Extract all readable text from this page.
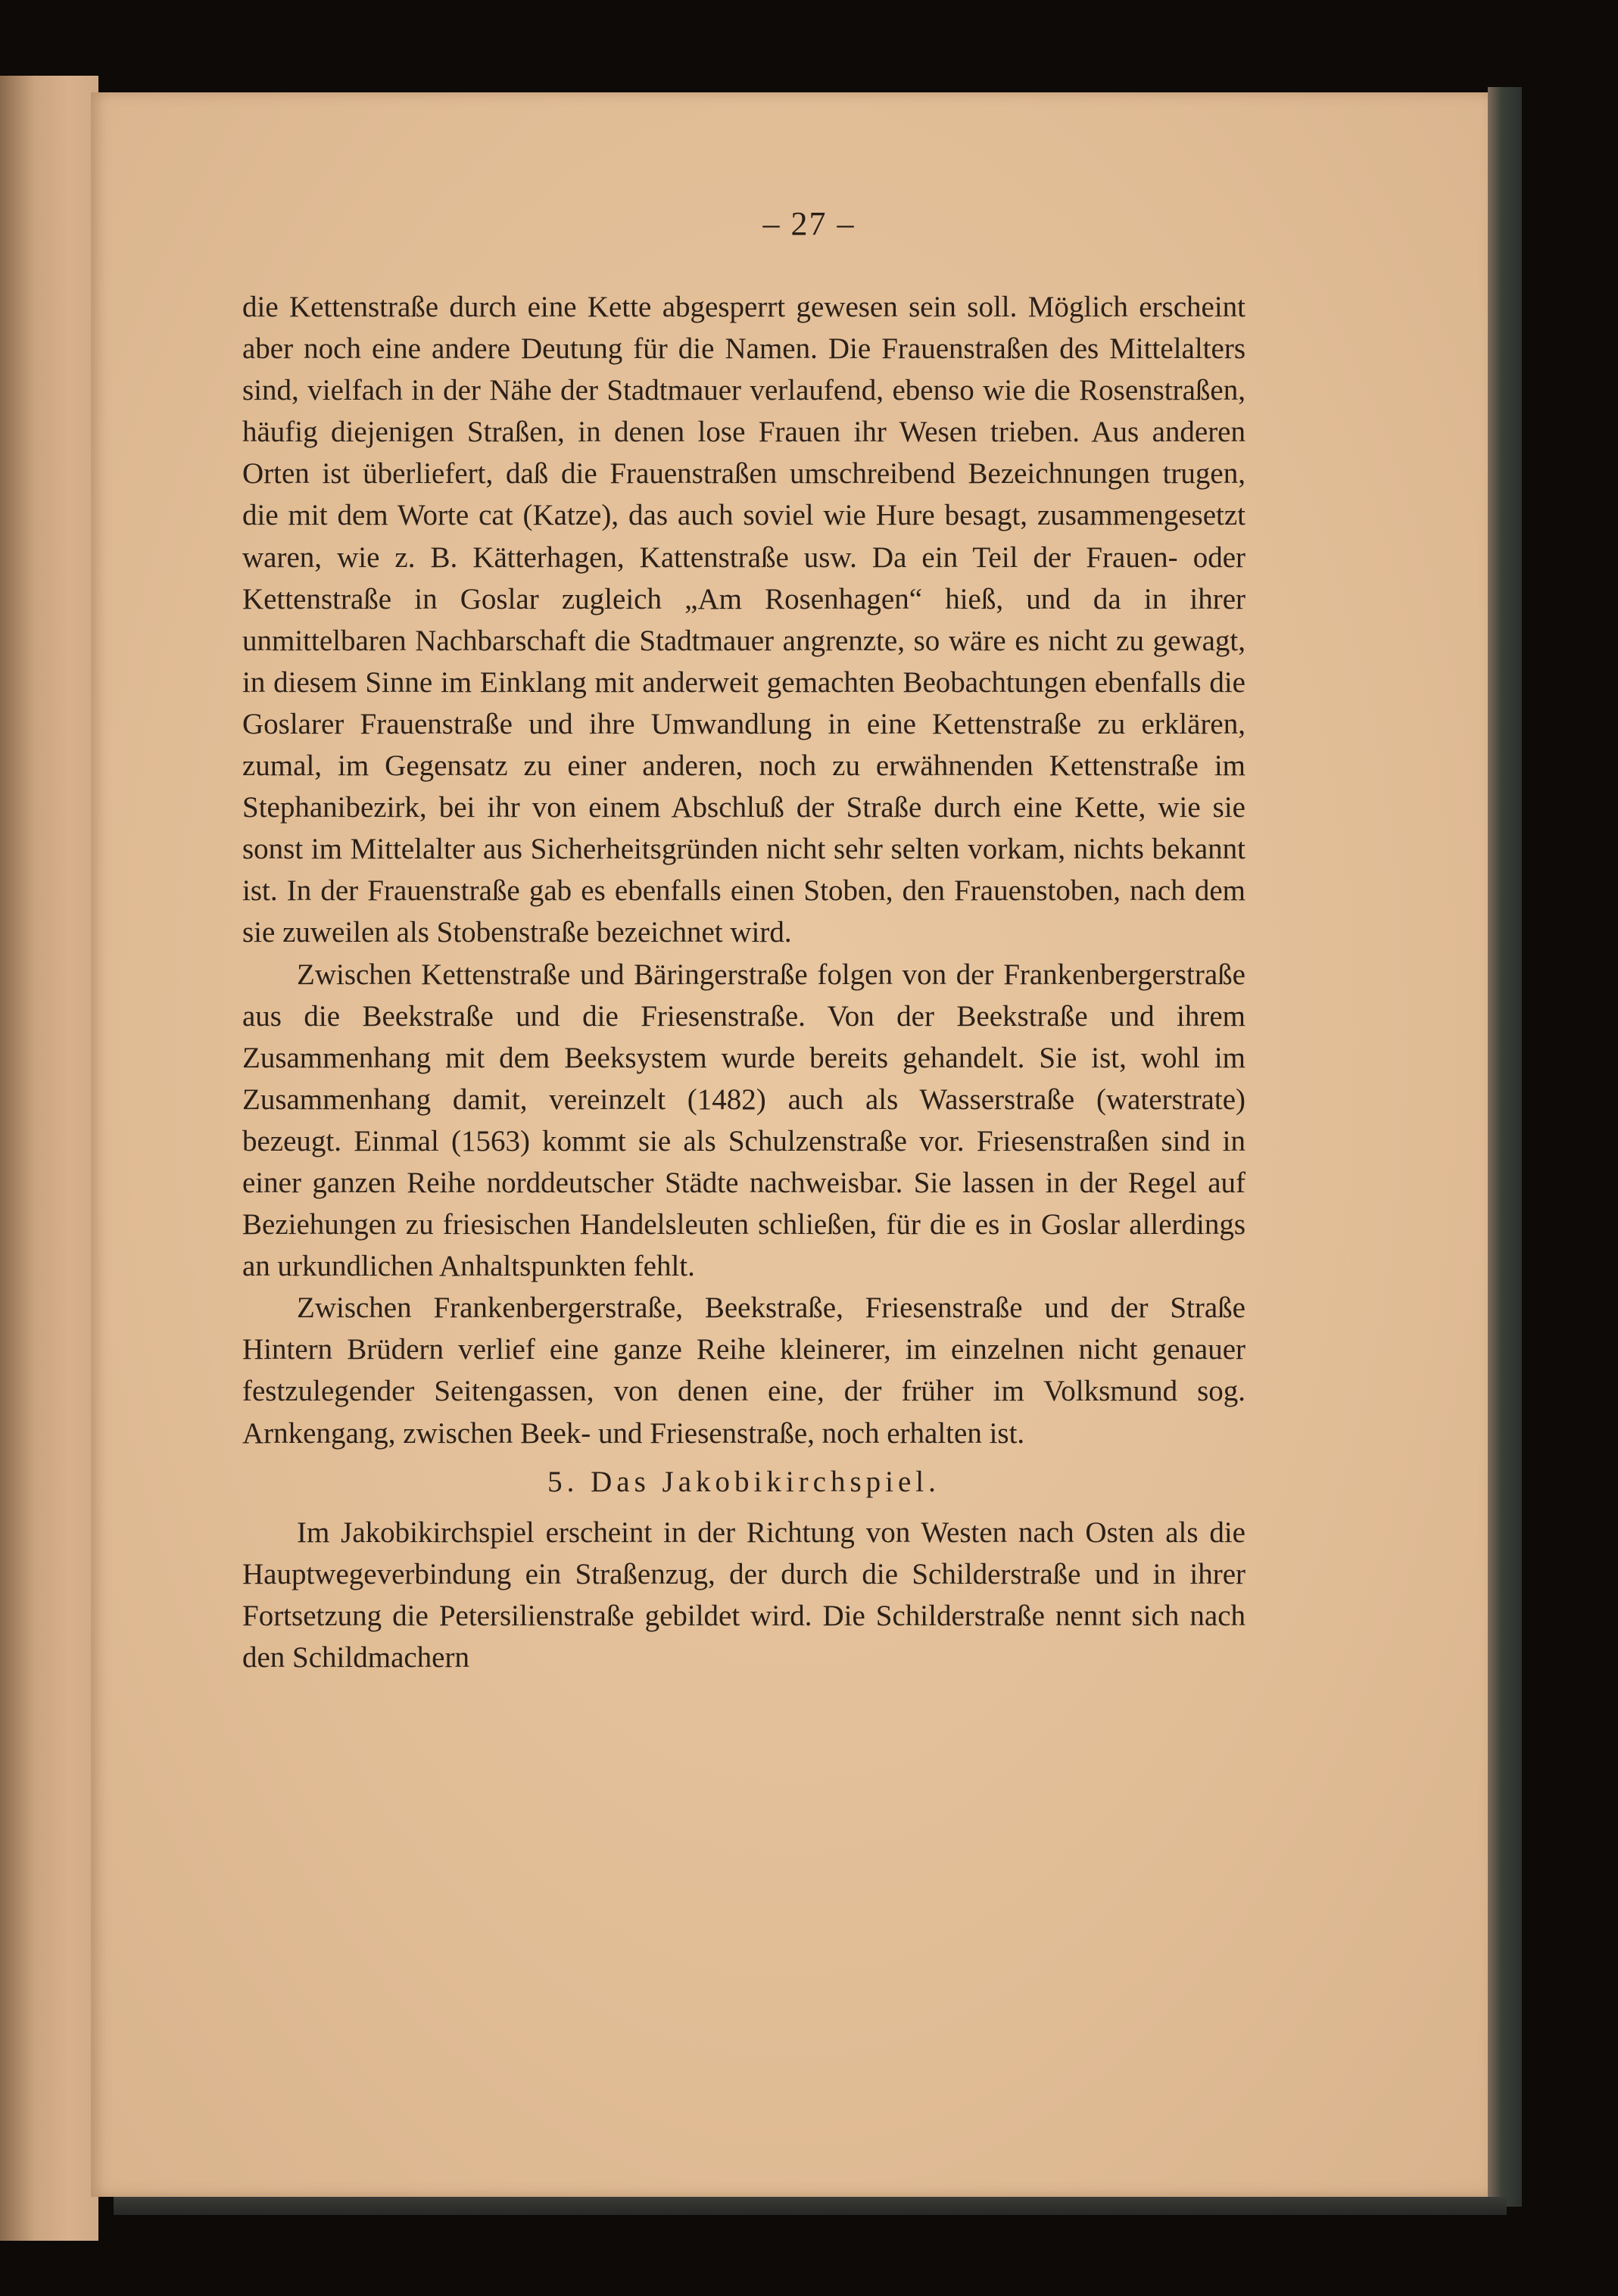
– 27 –

die Kettenstraße durch eine Kette abgesperrt gewesen sein soll. Möglich erscheint aber noch eine andere Deutung für die Namen. Die Frauenstraßen des Mittelalters sind, vielfach in der Nähe der Stadtmauer verlaufend, ebenso wie die Rosenstraßen, häufig diejenigen Straßen, in denen lose Frauen ihr Wesen trieben. Aus anderen Orten ist überliefert, daß die Frauenstraßen umschreibend Bezeichnungen trugen, die mit dem Worte cat (Katze), das auch soviel wie Hure besagt, zusammengesetzt waren, wie z. B. Kätterhagen, Kattenstraße usw. Da ein Teil der Frauen- oder Kettenstraße in Goslar zugleich „Am Rosenhagen“ hieß, und da in ihrer unmittelbaren Nachbarschaft die Stadtmauer angrenzte, so wäre es nicht zu gewagt, in diesem Sinne im Einklang mit anderweit gemachten Beobachtungen ebenfalls die Goslarer Frauenstraße und ihre Umwandlung in eine Kettenstraße zu erklären, zumal, im Gegensatz zu einer anderen, noch zu erwähnenden Kettenstraße im Stephanibezirk, bei ihr von einem Abschluß der Straße durch eine Kette, wie sie sonst im Mittelalter aus Sicherheitsgründen nicht sehr selten vorkam, nichts bekannt ist. In der Frauenstraße gab es ebenfalls einen Stoben, den Frauenstoben, nach dem sie zuweilen als Stobenstraße bezeichnet wird.

Zwischen Kettenstraße und Bäringerstraße folgen von der Frankenbergerstraße aus die Beekstraße und die Friesenstraße. Von der Beekstraße und ihrem Zusammenhang mit dem Beeksystem wurde bereits gehandelt. Sie ist, wohl im Zusammenhang damit, vereinzelt (1482) auch als Wasserstraße (waterstrate) bezeugt. Einmal (1563) kommt sie als Schulzenstraße vor. Friesenstraßen sind in einer ganzen Reihe norddeutscher Städte nachweisbar. Sie lassen in der Regel auf Beziehungen zu friesischen Handelsleuten schließen, für die es in Goslar allerdings an urkundlichen Anhaltspunkten fehlt.

Zwischen Frankenbergerstraße, Beekstraße, Friesenstraße und der Straße Hintern Brüdern verlief eine ganze Reihe kleinerer, im einzelnen nicht genauer festzulegender Seitengassen, von denen eine, der früher im Volksmund sog. Arnkengang, zwischen Beek- und Friesenstraße, noch erhalten ist.

5. Das Jakobikirchspiel.

Im Jakobikirchspiel erscheint in der Richtung von Westen nach Osten als die Hauptwegeverbindung ein Straßenzug, der durch die Schilderstraße und in ihrer Fortsetzung die Petersilienstraße gebildet wird. Die Schilderstraße nennt sich nach den Schildmachern
